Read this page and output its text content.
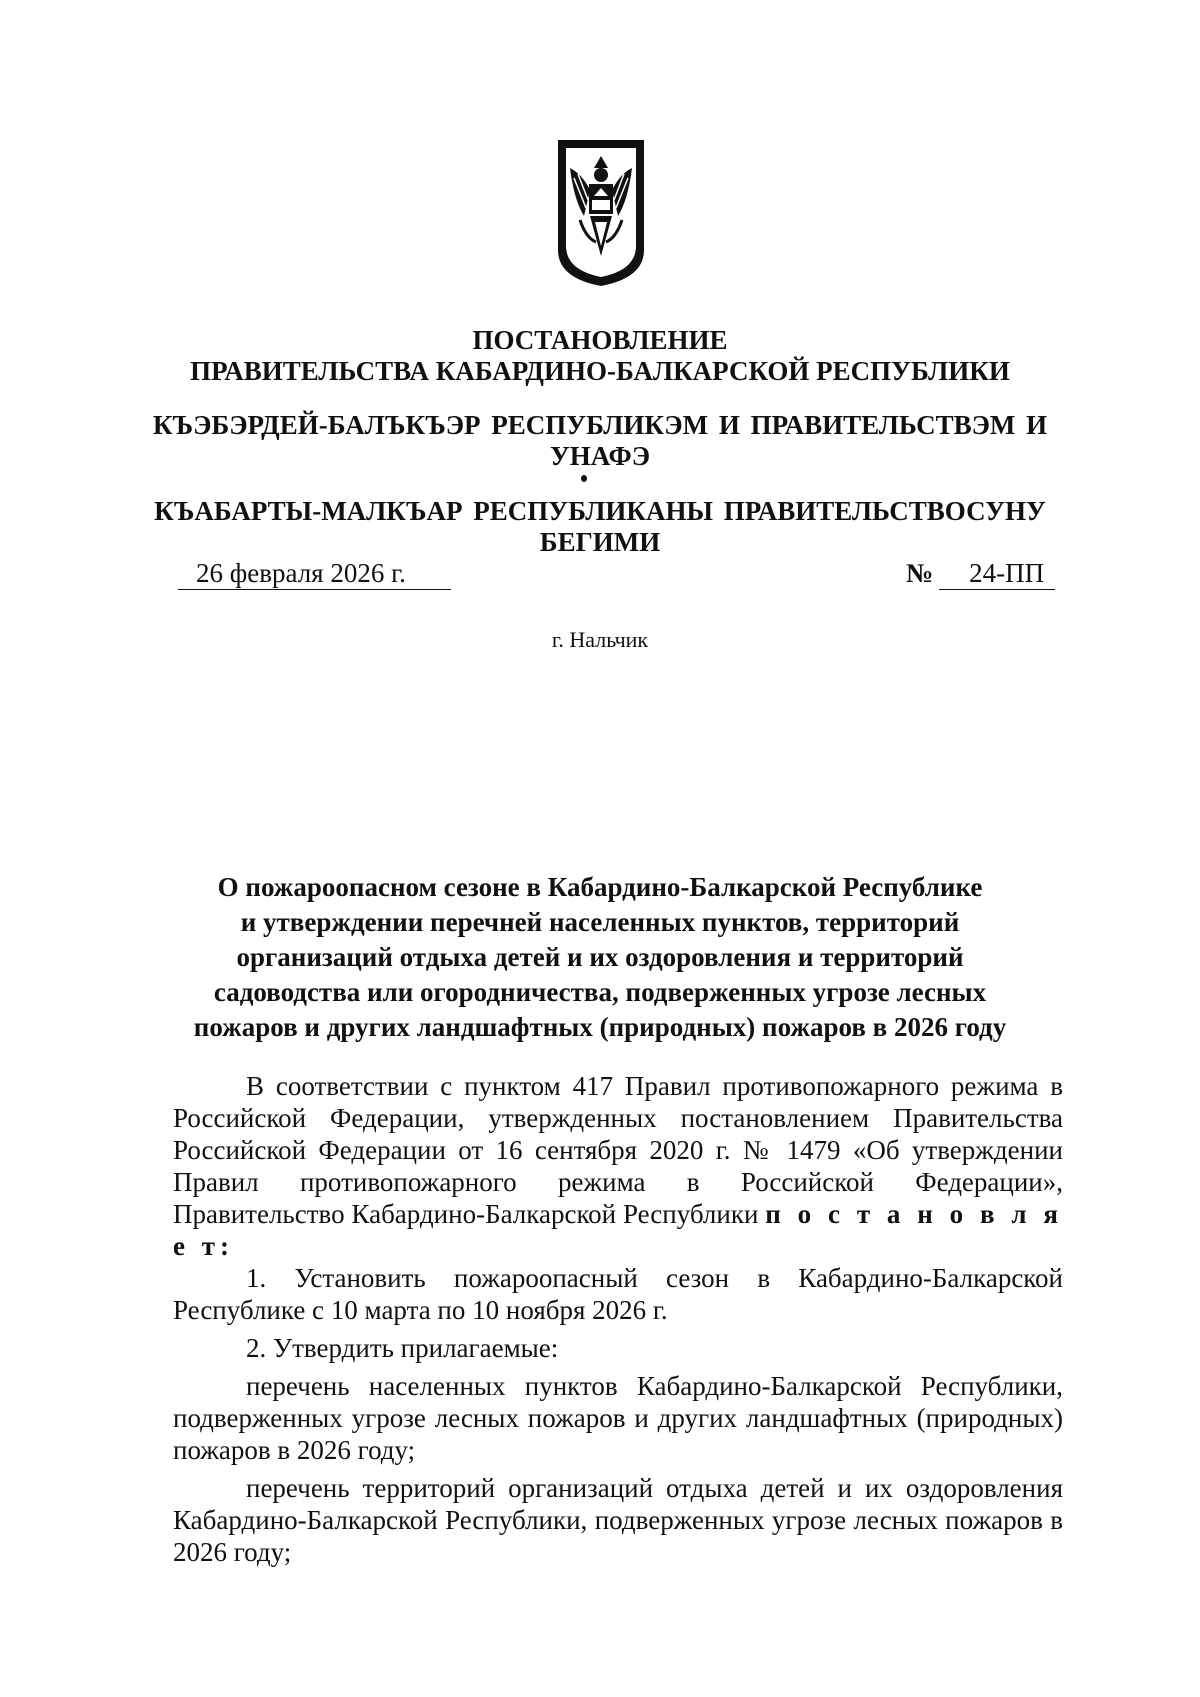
ПОСТАНОВЛЕНИЕ
ПРАВИТЕЛЬСТВА КАБАРДИНО-БАЛКАРСКОЙ РЕСПУБЛИКИ
КЪЭБЭРДЕЙ-БАЛЪКЪЭР РЕСПУБЛИКЭМ И ПРАВИТЕЛЬСТВЭМ И
УНАФЭ
КЪАБАРТЫ-МАЛКЪАР РЕСПУБЛИКАНЫ ПРАВИТЕЛЬСТВОСУНУ
БЕГИМИ
26 февраля 2026 г.	№ 24-ПП
г. Нальчик
О пожароопасном сезоне в Кабардино-Балкарской Республике
и утверждении перечней населенных пунктов, территорий
организаций отдыха детей и их оздоровления и территорий
садоводства или огородничества, подверженных угрозе лесных
пожаров и других ландшафтных (природных) пожаров в 2026 году

В соответствии с пунктом 417 Правил противопожарного режима в Российской Федерации, утвержденных постановлением Правительства Российской Федерации от 16 сентября 2020 г. № 1479 «Об утверждении Правил противопожарного режима в Российской Федерации», Правительство Кабардино-Балкарской Республики п о с т а н о в л я е т:

1. Установить пожароопасный сезон в Кабардино-Балкарской Республике с 10 марта по 10 ноября 2026 г.

2. Утвердить прилагаемые:

перечень населенных пунктов Кабардино-Балкарской Республики, подверженных угрозе лесных пожаров и других ландшафтных (природных) пожаров в 2026 году;

перечень территорий организаций отдыха детей и их оздоровления Кабардино-Балкарской Республики, подверженных угрозе лесных пожаров в 2026 году;
